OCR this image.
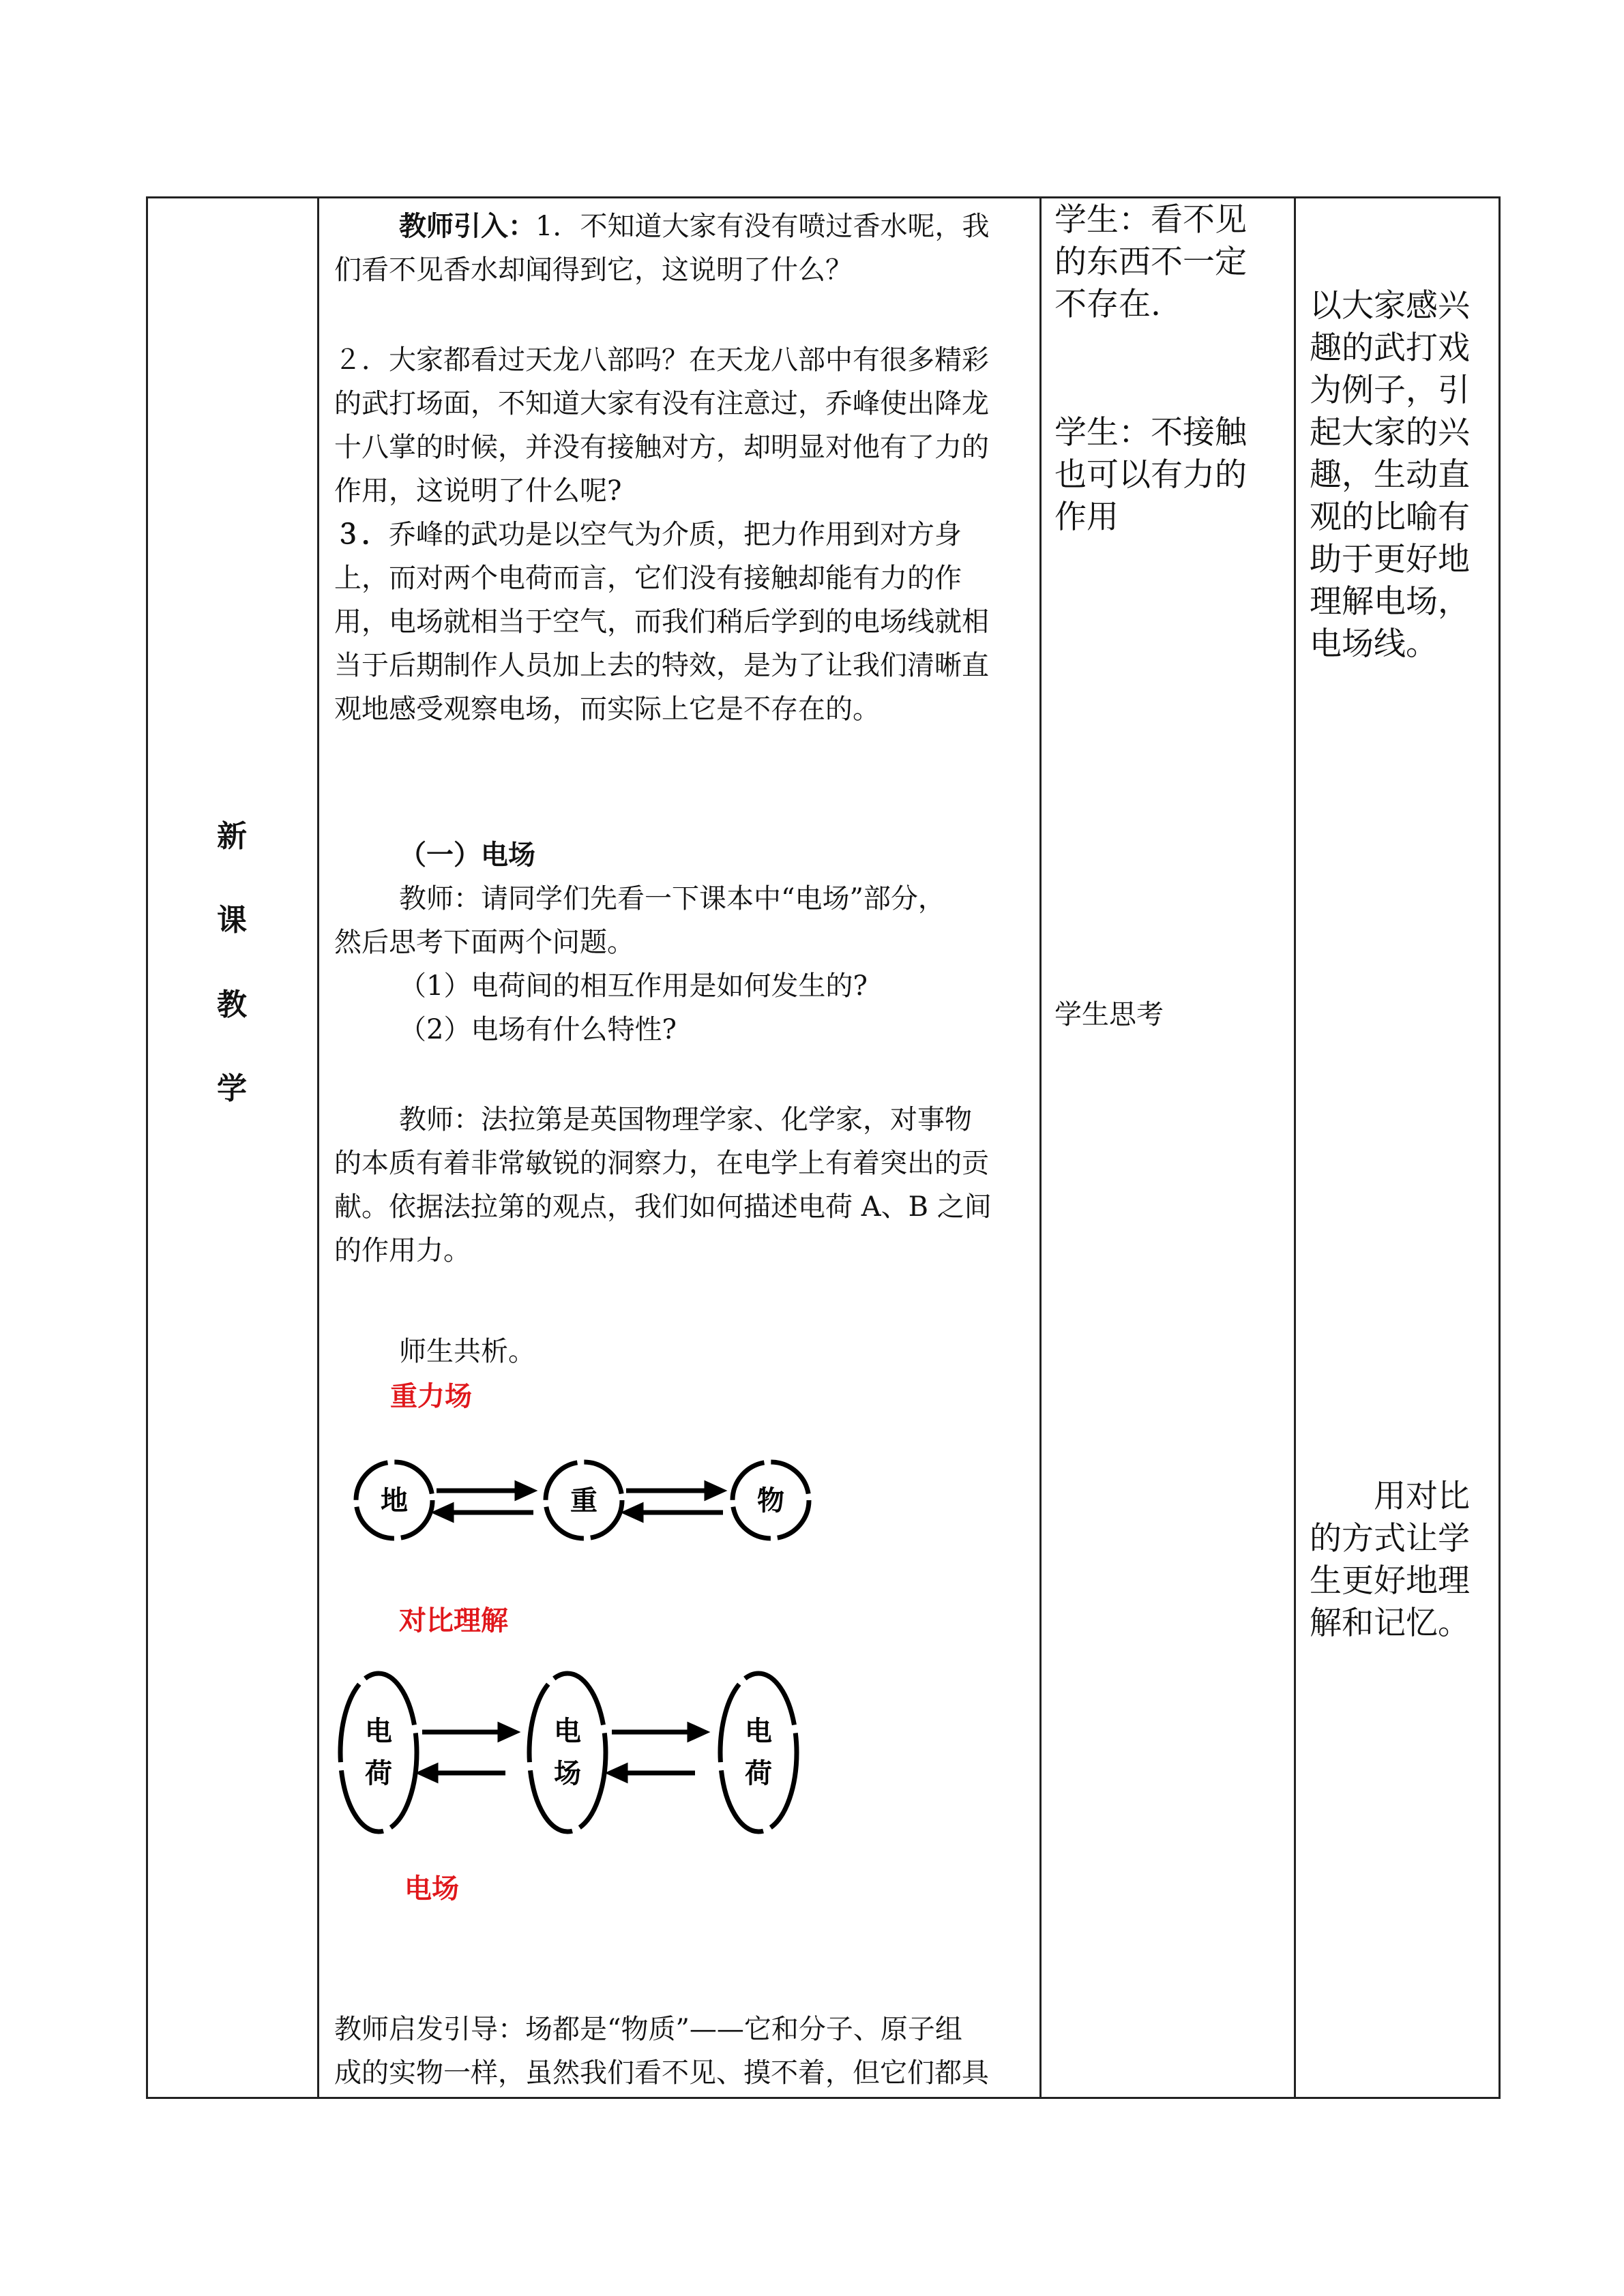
新
课
教
学
教师引入：1．不知道大家有没有喷过香水呢，我
们看不见香水却闻得到它，这说明了什么？
２．大家都看过天龙八部吗？在天龙八部中有很多精彩
的武打场面，不知道大家有没有注意过，乔峰使出降龙
十八掌的时候，并没有接触对方，却明显对他有了力的
作用，这说明了什么呢?
３．乔峰的武功是以空气为介质，把力作用到对方身
上，而对两个电荷而言，它们没有接触却能有力的作
用，电场就相当于空气，而我们稍后学到的电场线就相
当于后期制作人员加上去的特效，是为了让我们清晰直
观地感受观察电场，而实际上它是不存在的。
（一）电场
教师：请同学们先看一下课本中“电场”部分，
然后思考下面两个问题。
（1）电荷间的相互作用是如何发生的?
（2）电场有什么特性?
教师：法拉第是英国物理学家、化学家，对事物
的本质有着非常敏锐的洞察力，在电学上有着突出的贡
献。依据法拉第的观点，我们如何描述电荷 A、B 之间
的作用力。
师生共析。
重力场
地	重	物
对比理解
电
荷
电
场
电
荷
电场
教师启发引导：场都是“物质”——它和分子、原子组
成的实物一样，虽然我们看不见、摸不着，但它们都具
学生：看不见
的东西不一定
不存在.
学生：不接触
也可以有力的
作用
学生思考
以大家感兴
趣的武打戏
为例子，引
起大家的兴
趣，生动直
观的比喻有
助于更好地
理解电场，
电场线。
用对比
的方式让学
生更好地理
解和记忆。
